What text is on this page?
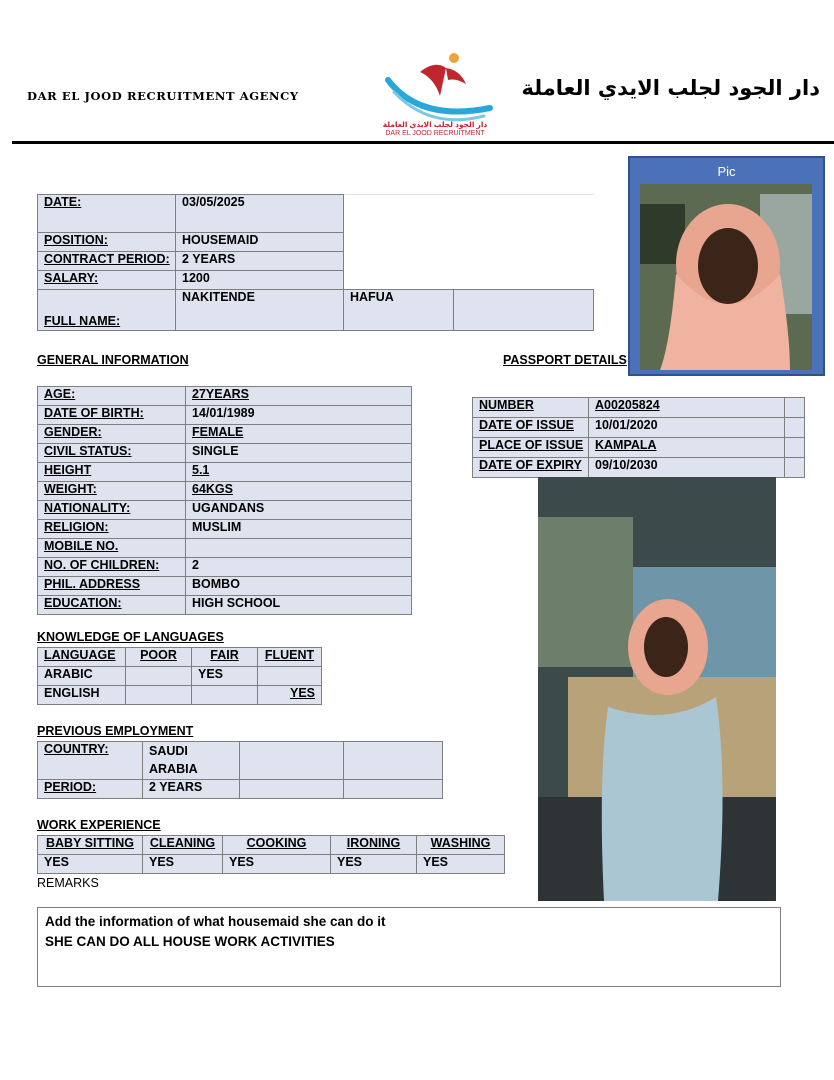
DAR EL JOOD RECRUITMENT AGENCY
دار الجود لجلب الايدي العاملة
DAR EL JOOD RECRUITMENT
دار الجود لجلب الايدي العاملة
DATE:	03/05/2025		
POSITION:	HOUSEMAID		
CONTRACT PERIOD:	2 YEARS		
SALARY:	1200		
FULL NAME:	NAKITENDE	HAFUA	
Pic
GENERAL INFORMATION	PASSPORT DETAILS
AGE:	27YEARS
DATE OF BIRTH:	14/01/1989
GENDER:	FEMALE
CIVIL STATUS:	SINGLE
HEIGHT	5.1
WEIGHT:	64KGS
NATIONALITY:	UGANDANS
RELIGION:	MUSLIM
MOBILE NO.	
NO. OF CHILDREN:	2
PHIL. ADDRESS	BOMBO
EDUCATION:	HIGH SCHOOL
NUMBER	A00205824	
DATE OF ISSUE	10/01/2020	
PLACE OF ISSUE	KAMPALA	
DATE OF EXPIRY	09/10/2030	
KNOWLEDGE OF LANGUAGES
LANGUAGE	POOR	FAIR	FLUENT
ARABIC		YES	
ENGLISH			YES
PREVIOUS EMPLOYMENT
COUNTRY:	SAUDI ARABIA		
PERIOD:	2 YEARS		
WORK EXPERIENCE
BABY SITTING	CLEANING	COOKING	IRONING	WASHING
YES	YES	YES	YES	YES
REMARKS
Add the information of what housemaid she can do it
SHE CAN DO ALL HOUSE WORK ACTIVITIES
